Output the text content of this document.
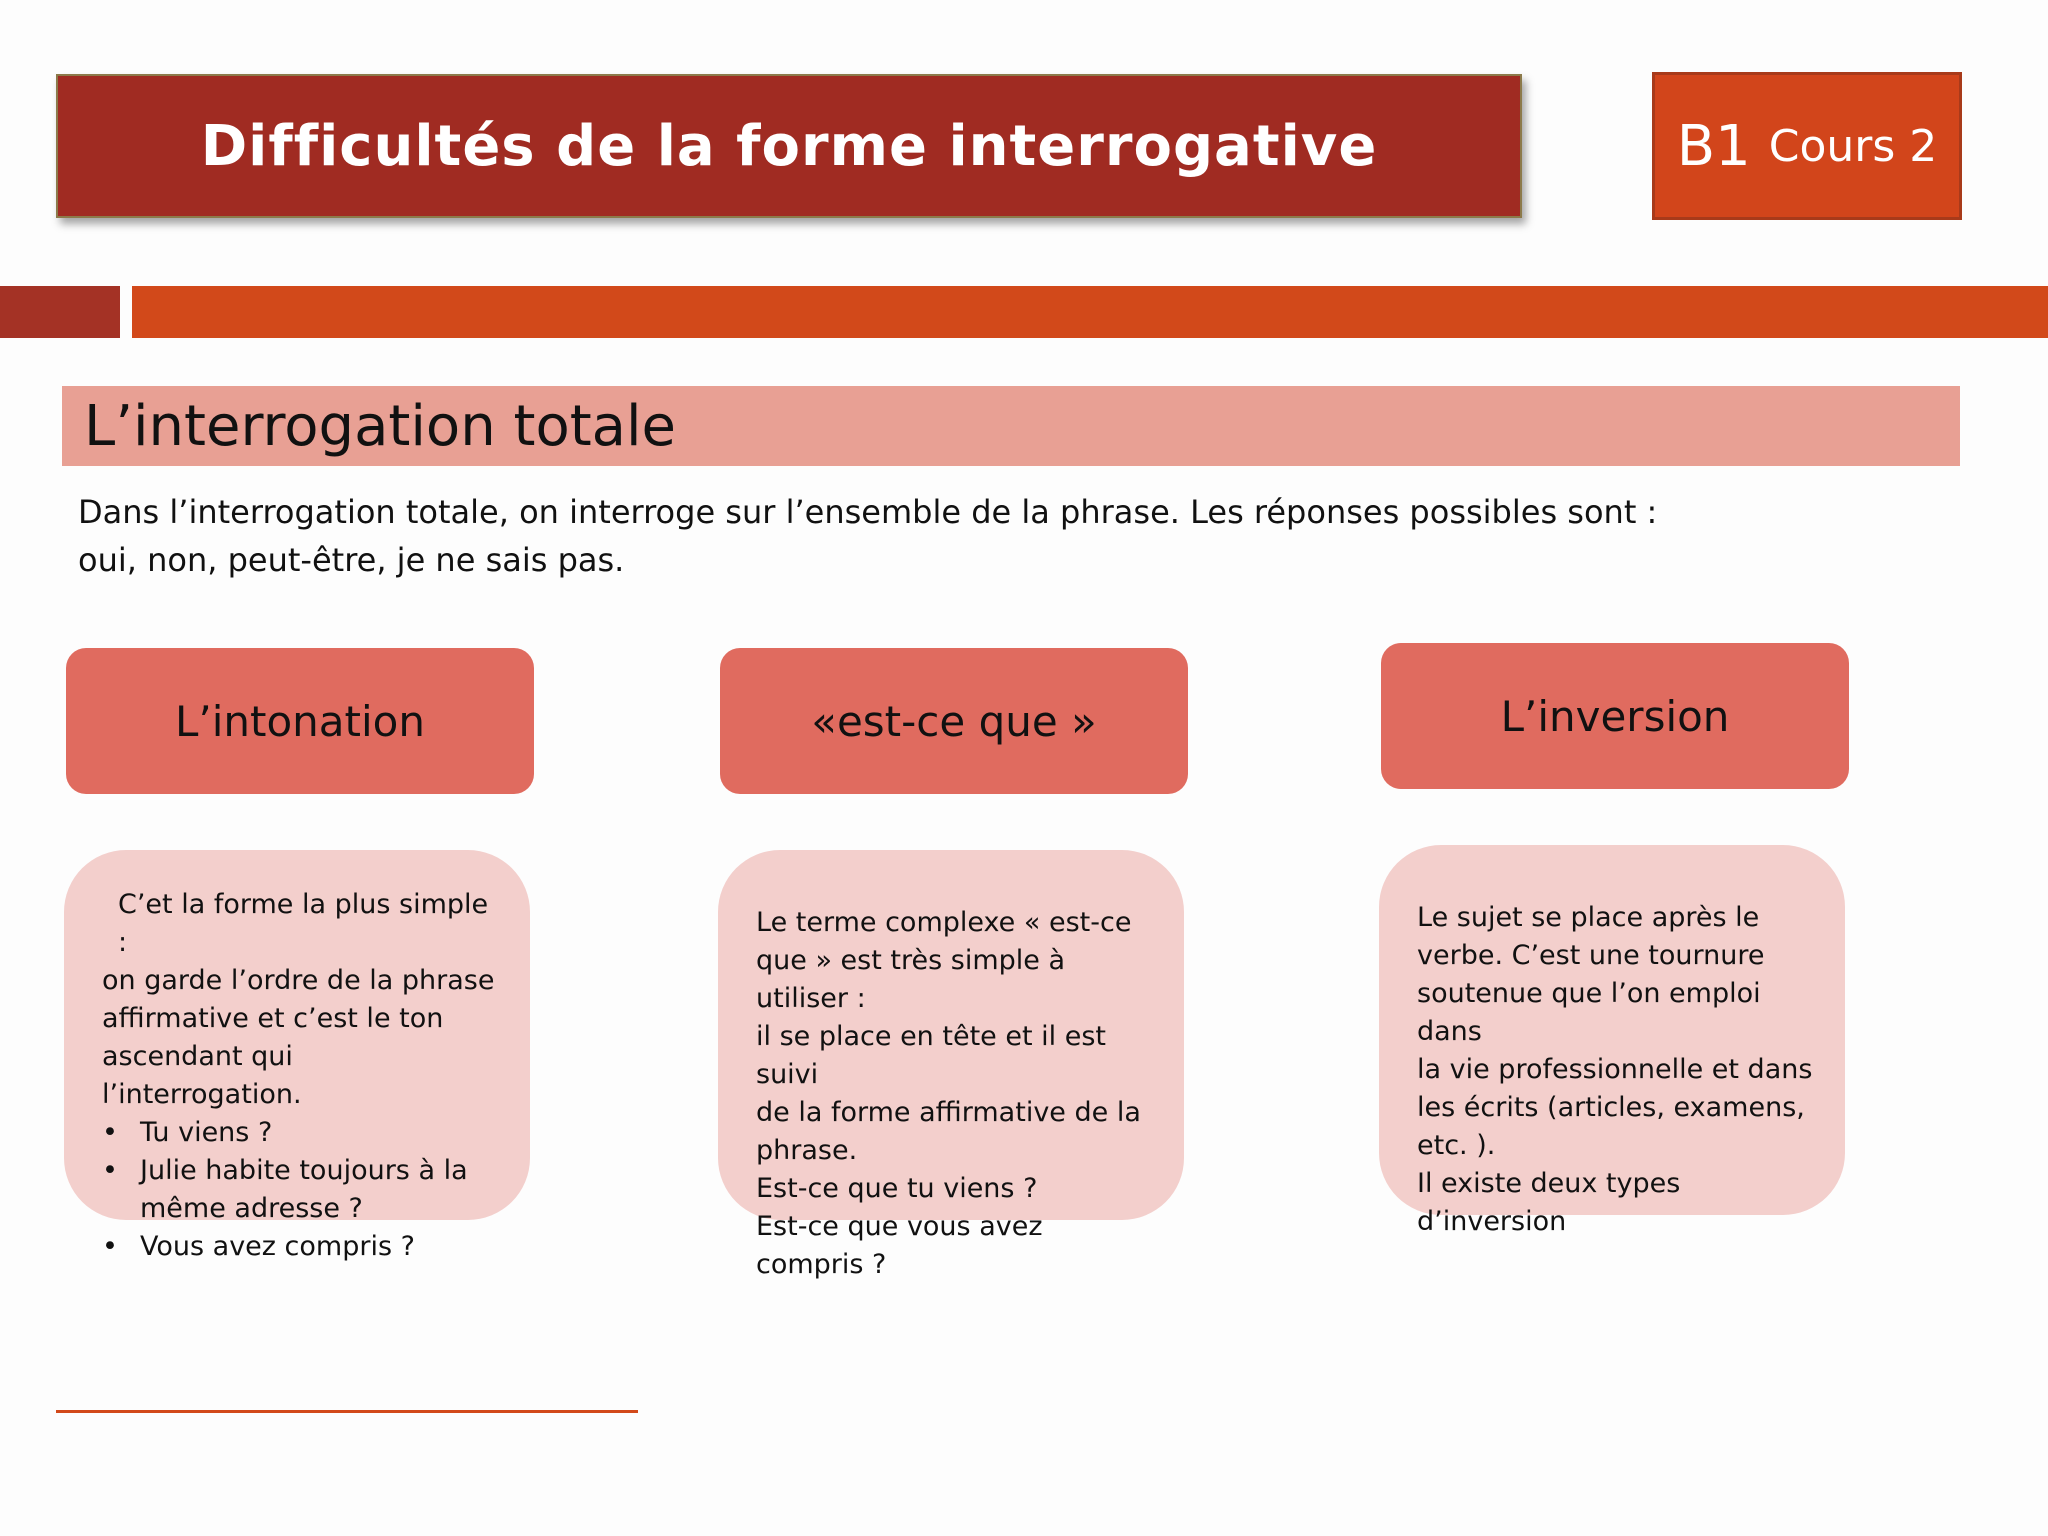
Difficultés de la forme interrogative	B1 Cours 2
L’interrogation totale

Dans l’interrogation totale, on interroge sur l’ensemble de la phrase. Les réponses possibles sont :

oui, non, peut-être, je ne sais pas.

L’intonation	«est-ce que »	L’inversion

C’et la forme la plus simple :

on garde l’ordre de la phrase

affirmative et c’est le ton

ascendant qui l’interrogation.

• Tu viens ?
• Julie habite toujours à la
même adresse ?
• Vous avez compris ?

Le terme complexe « est-ce

que » est très simple à utiliser :

il se place en tête et il est suivi

de la forme affirmative de la

phrase.

Est-ce que tu viens ?

Est-ce que vous avez compris ?

Le sujet se place après le

verbe. C’est une tournure

soutenue que l’on emploi dans

la vie professionnelle et dans

les écrits (articles, examens,

etc. ).

Il existe deux types d’inversion
